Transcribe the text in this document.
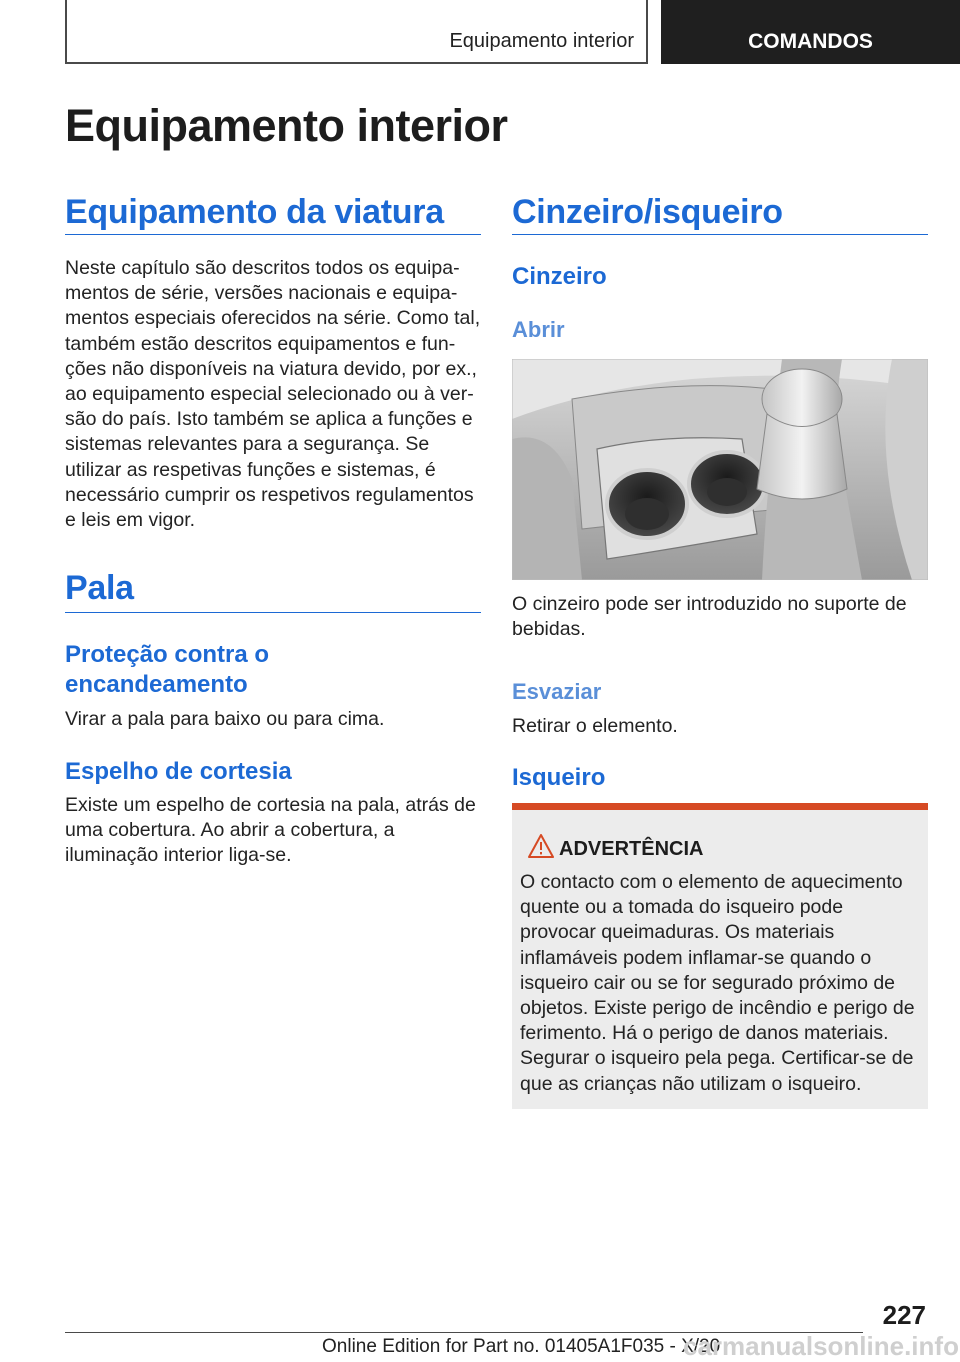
Equipamento interior	COMANDOS
Equipamento interior
Equipamento da viatura

Neste capítulo são descritos todos os equipamentos de série, versões nacionais e equipamentos especiais oferecidos na série. Como tal, também estão descritos equipamentos e funções não disponíveis na viatura devido, por ex., ao equipamento especial selecionado ou à versão do país. Isto também se aplica a funções e sistemas relevantes para a segurança. Se utilizar as respetivas funções e sistemas, é necessário cumprir os respetivos regulamentos e leis em vigor.

Pala
Proteção contra o encandeamento

Virar a pala para baixo ou para cima.

Espelho de cortesia

Existe um espelho de cortesia na pala, atrás de uma cobertura. Ao abrir a cobertura, a iluminação interior liga-se.

Cinzeiro/isqueiro
Cinzeiro
Abrir

O cinzeiro pode ser introduzido no suporte de bebidas.

Esvaziar

Retirar o elemento.

Isqueiro
ADVERTÊNCIA

O contacto com o elemento de aquecimento quente ou a tomada do isqueiro pode provocar queimaduras. Os materiais inflamáveis podem inflamar-se quando o isqueiro cair ou se for segurado próximo de objetos. Existe perigo de incêndio e perigo de ferimento. Há o perigo de danos materiais. Segurar o isqueiro pela pega. Certificar-se de que as crianças não utilizam o isqueiro.

227
Online Edition for Part no. 01405A1F035 - X/20
carmanualsonline.info
